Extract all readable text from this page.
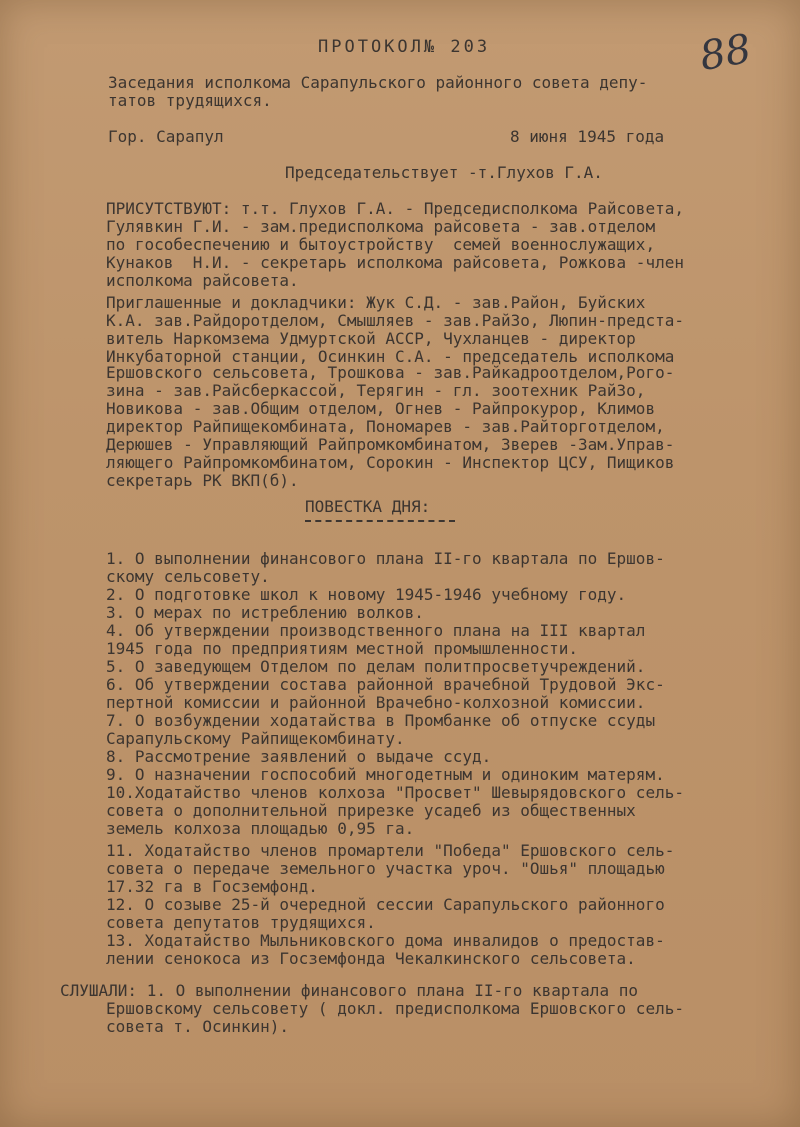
88
ПРОТОКОЛ№ 203
Заседания исполкома Сарапульского районного совета депу-
татов трудящихся.
Гор. Сарапул	8 июня 1945 года
Председательствует -т.Глухов Г.А.
ПРИСУТСТВУЮТ: т.т. Глухов Г.А. - Председисполкома Райсовета,
Гулявкин Г.И. - зам.предисполкома райсовета - зав.отделом
по гособеспечению и бытоустройству  семей военнослужащих,
Кунаков  Н.И. - секретарь исполкома райсовета, Рожкова -член
исполкома райсовета.
Приглашенные и докладчики: Жук С.Д. - зав.Район, Буйских
К.А. зав.Райдоротделом, Смышляев - зав.РайЗо, Люпин-предста-
витель Наркомзема Удмуртской АССР, Чухланцев - директор
Инкубаторной станции, Осинкин С.А. - председатель исполкома
Ершовского сельсовета, Трошкова - зав.Райкадроотделом,Рого-
зина - зав.Райсберкассой, Терягин - гл. зоотехник РайЗо,
Новикова - зав.Общим отделом, Огнев - Райпрокурор, Климов
директор Райпищекомбината, Пономарев - зав.Райторготделом,
Дерюшев - Управляющий Райпромкомбинатом, Зверев -Зам.Управ-
ляющего Райпромкомбинатом, Сорокин - Инспектор ЦСУ, Пищиков
секретарь РК ВКП(б).
ПОВЕСТКА ДНЯ:
1. О выполнении финансового плана II-го квартала по Ершов-
скому сельсовету.
2. О подготовке школ к новому 1945-1946 учебному году.
3. О мерах по истреблению волков.
4. Об утверждении производственного плана на III квартал
1945 года по предприятиям местной промышленности.
5. О заведующем Отделом по делам политпросветучреждений.
6. Об утверждении состава районной врачебной Трудовой Экс-
пертной комиссии и районной Врачебно-колхозной комиссии.
7. О возбуждении ходатайства в Промбанке об отпуске ссуды
Сарапульскому Райпищекомбинату.
8. Рассмотрение заявлений о выдаче ссуд.
9. О назначении госпособий многодетным и одиноким матерям.
10.Ходатайство членов колхоза "Просвет" Шевырядовского сель-
совета о дополнительной прирезке усадеб из общественных
земель колхоза площадью 0,95 га.
11. Ходатайство членов промартели "Победа" Ершовского сель-
совета о передаче земельного участка уроч. "Ошья" площадью
17.32 га в Госземфонд.
12. О созыве 25-й очередной сессии Сарапульского районного
совета депутатов трудящихся.
13. Ходатайство Мыльниковского дома инвалидов о предостав-
лении сенокоса из Госземфонда Чекалкинского сельсовета.
СЛУШАЛИ: 1. О выполнении финансового плана II-го квартала по
Ершовскому сельсовету ( докл. предисполкома Ершовского сель-
совета т. Осинкин).
